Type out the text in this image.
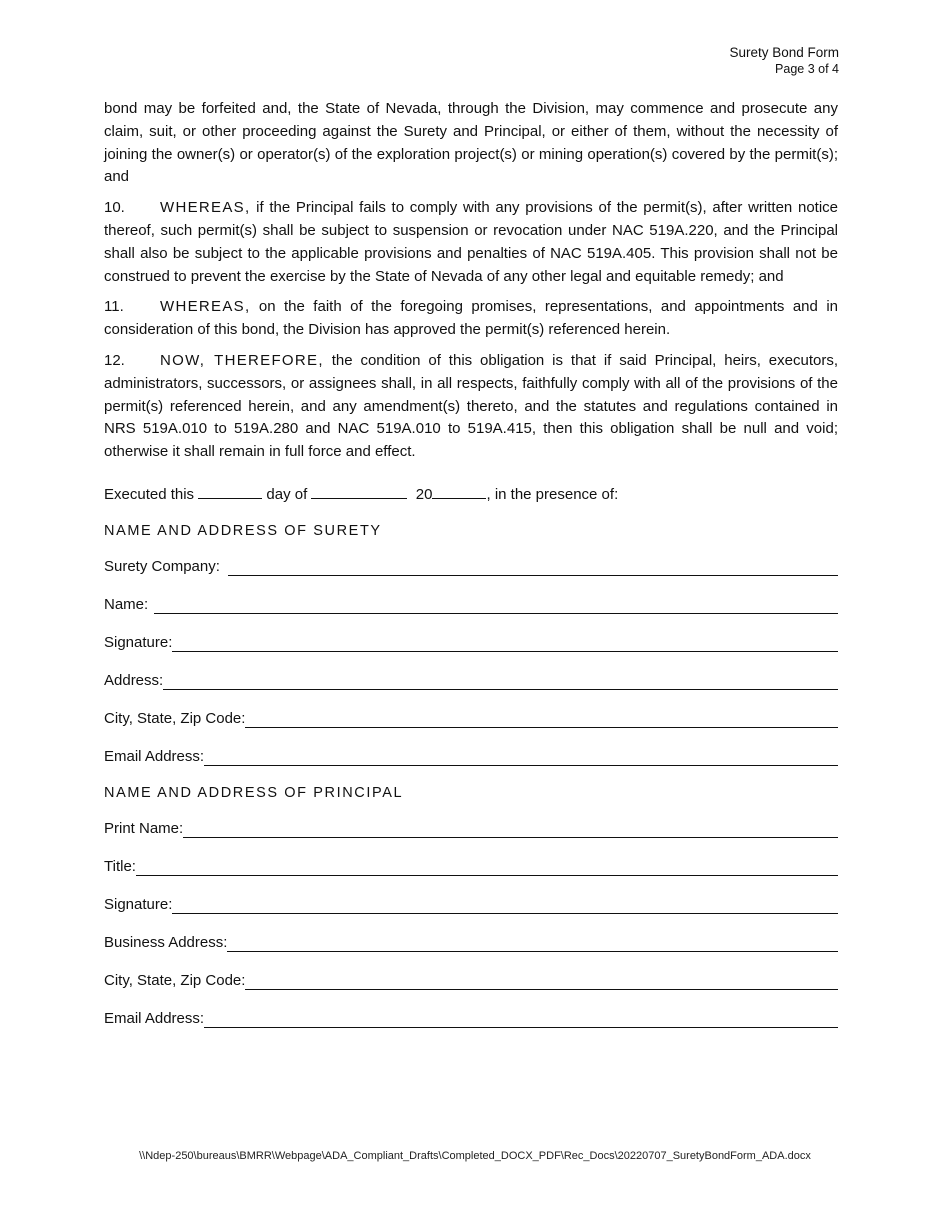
Surety Bond Form
Page 3 of 4

bond may be forfeited and, the State of Nevada, through the Division, may commence and prosecute any claim, suit, or other proceeding against the Surety and Principal, or either of them, without the necessity of joining the owner(s) or operator(s) of the exploration project(s) or mining operation(s) covered by the permit(s); and

10. WHEREAS, if the Principal fails to comply with any provisions of the permit(s), after written notice thereof, such permit(s) shall be subject to suspension or revocation under NAC 519A.220, and the Principal shall also be subject to the applicable provisions and penalties of NAC 519A.405. This provision shall not be construed to prevent the exercise by the State of Nevada of any other legal and equitable remedy; and

11. WHEREAS, on the faith of the foregoing promises, representations, and appointments and in consideration of this bond, the Division has approved the permit(s) referenced herein.

12. NOW, THEREFORE, the condition of this obligation is that if said Principal, heirs, executors, administrators, successors, or assignees shall, in all respects, faithfully comply with all of the provisions of the permit(s) referenced herein, and any amendment(s) thereto, and the statutes and regulations contained in NRS 519A.010 to 519A.280 and NAC 519A.010 to 519A.415, then this obligation shall be null and void; otherwise it shall remain in full force and effect.

Executed this	day of	20	, in the presence of:
NAME AND ADDRESS OF SURETY
Surety Company:
Name:
Signature:
Address:
City, State, Zip Code:
Email Address:
NAME AND ADDRESS OF PRINCIPAL
Print Name:
Title:
Signature:
Business Address:
City, State, Zip Code:
Email Address:
\\Ndep-250\bureaus\BMRR\Webpage\ADA_Compliant_Drafts\Completed_DOCX_PDF\Rec_Docs\20220707_SuretyBondForm_ADA.docx
